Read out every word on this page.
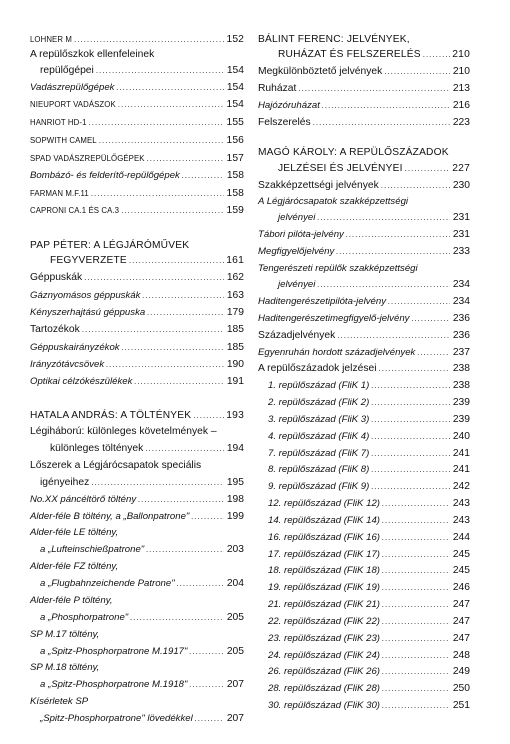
LOHNER M .....	152
A repülőszkok ellenfeleinek
repülőgépei .....	154
Vadászrepülőgépek .....	154
NIEUPORT VADÁSZOK .....	154
HANRIOT HD-1 .....	155
SOPWITH CAMEL .....	156
SPAD VADÁSZREPÜLŐGÉPEK .....	157
Bombázó- és felderítő-repülőgépek .....	158
FARMAN M.F.11 .....	158
CAPRONI CA.1 ÉS CA.3 .....	159
PAP PÉTER: A LÉGJÁRÓMŰVEK
FEGYVERZETE .....	161
Géppuskák .....	162
Gáznyomásos géppuskák .....	163
Kényszerhajtású géppuska .....	179
Tartozékok .....	185
Géppuskairányzékok .....	185
Irányzótávcsövek .....	190
Optikai célzókészülékek .....	191
HATALA ANDRÁS: A TÖLTÉNYEK .....	193
Légiháború: különleges követelmények –
különleges töltények .....	194
Lőszerek a Légjárócsapatok speciális
igényeihez .....	195
No.XX páncéltörő töltény .....	198
Alder-féle B töltény, a „Ballonpatrone" .....	199
Alder-féle LE töltény,
a „Lufteinschießpatrone" .....	203
Alder-féle FZ töltény,
a „Flugbahnzeichende Patrone" .....	204
Alder-féle P töltény,
a „Phosphorpatrone" .....	205
SP M.17 töltény,
a „Spitz-Phosphorpatrone M.1917" .....	205
SP M.18 töltény,
a „Spitz-Phosphorpatrone M.1918" .....	207
Kísérletek SP
„Spitz-Phosphorpatrone" lövedékkel .....	207
BÁLINT FERENC: JELVÉNYEK,
RUHÁZAT ÉS FELSZERELÉS .....	210
Megkülönböztető jelvények .....	210
Ruházat .....	213
Hajózóruházat .....	216
Felszerelés .....	223
MAGÓ KÁROLY: A REPÜLŐSZÁZADOK
JELZÉSEI ÉS JELVÉNYEI .....	227
Szakképzettségi jelvények .....	230
A Légjárócsapatok szakképzettségi
jelvényei .....	231
Tábori pilóta-jelvény .....	231
Megfigyelőjelvény .....	233
Tengerészeti repülők szakképzettségi
jelvényei .....	234
Haditengerészetipilóta-jelvény .....	234
Haditengerészetimegfigyelő-jelvény .....	236
Századjelvények .....	236
Egyenruhán hordott századjelvények .....	237
A repülőszázadok jelzései .....	238
1. repülőszázad (FliK 1) .....	238
2. repülőszázad (FliK 2) .....	239
3. repülőszázad (FliK 3) .....	239
4. repülőszázad (FliK 4) .....	240
7. repülőszázad (FliK 7) .....	241
8. repülőszázad (FliK 8) .....	241
9. repülőszázad (FliK 9) .....	242
12. repülőszázad (FliK 12) .....	243
14. repülőszázad (FliK 14) .....	243
16. repülőszázad (FliK 16) .....	244
17. repülőszázad (FliK 17) .....	245
18. repülőszázad (FliK 18) .....	245
19. repülőszázad (FliK 19) .....	246
21. repülőszázad (FliK 21) .....	247
22. repülőszázad (FliK 22) .....	247
23. repülőszázad (FliK 23) .....	247
24. repülőszázad (FliK 24) .....	248
26. repülőszázad (FliK 26) .....	249
28. repülőszázad (FliK 28) .....	250
30. repülőszázad (FliK 30) .....	251
